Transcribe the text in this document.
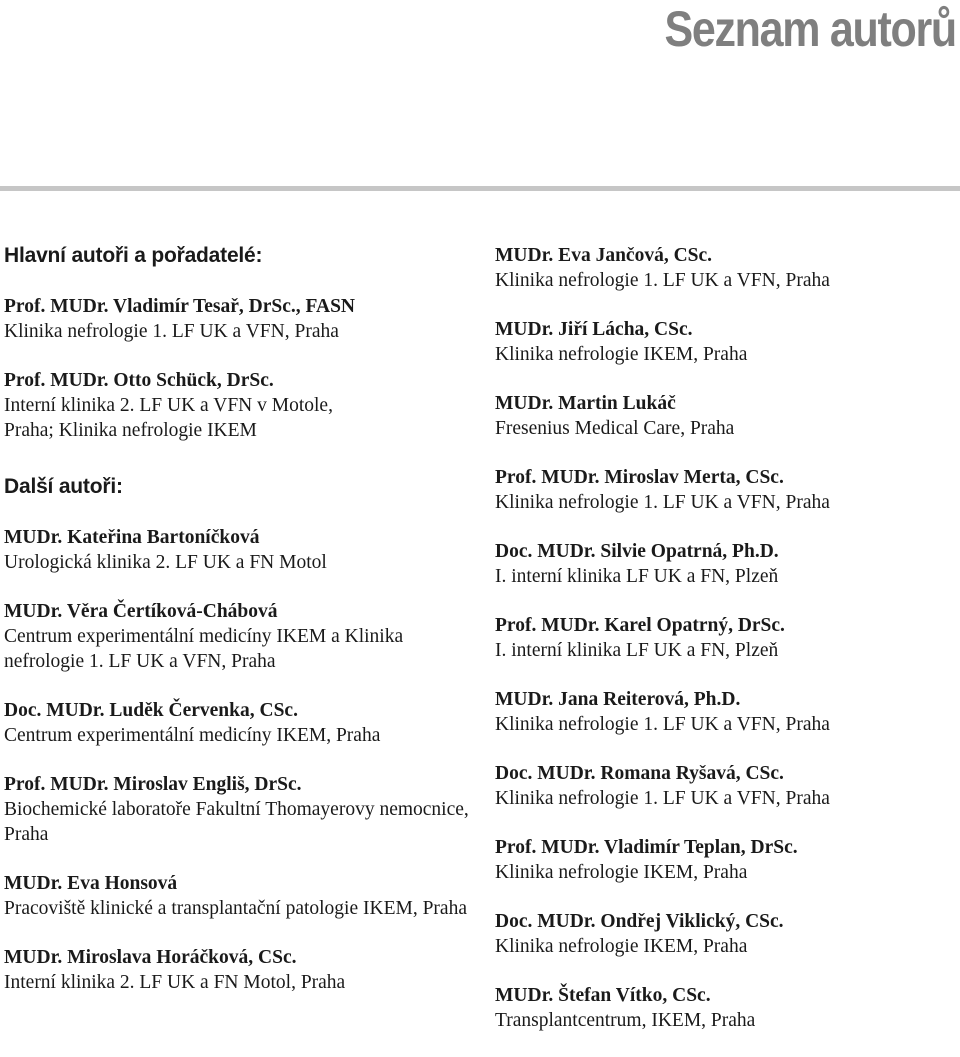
Seznam autorů
Hlavní autoři a pořadatelé:
Prof. MUDr. Vladimír Tesař, DrSc., FASN
Klinika nefrologie 1. LF UK a VFN, Praha
Prof. MUDr. Otto Schück, DrSc.
Interní klinika 2. LF UK a VFN v Motole, Praha; Klinika nefrologie IKEM
Další autoři:
MUDr. Kateřina Bartoníčková
Urologická klinika 2. LF UK a FN Motol
MUDr. Věra Čertíková-Chábová
Centrum experimentální medicíny IKEM a Klinika nefrologie 1. LF UK a VFN, Praha
Doc. MUDr. Luděk Červenka, CSc.
Centrum experimentální medicíny IKEM, Praha
Prof. MUDr. Miroslav Engliš, DrSc.
Biochemické laboratoře Fakultní Thomayerovy nemocnice, Praha
MUDr. Eva Honsová
Pracoviště klinické a transplantační patologie IKEM, Praha
MUDr. Miroslava Horáčková, CSc.
Interní klinika 2. LF UK a FN Motol, Praha
MUDr. Eva Jančová, CSc.
Klinika nefrologie 1. LF UK a VFN, Praha
MUDr. Jiří Lácha, CSc.
Klinika nefrologie IKEM, Praha
MUDr. Martin Lukáč
Fresenius Medical Care, Praha
Prof. MUDr. Miroslav Merta, CSc.
Klinika nefrologie 1. LF UK a VFN, Praha
Doc. MUDr. Silvie Opatrná, Ph.D.
I. interní klinika LF UK a FN, Plzeň
Prof. MUDr. Karel Opatrný, DrSc.
I. interní klinika LF UK a FN, Plzeň
MUDr. Jana Reiterová, Ph.D.
Klinika nefrologie 1. LF UK a VFN, Praha
Doc. MUDr. Romana Ryšavá, CSc.
Klinika nefrologie 1. LF UK a VFN, Praha
Prof. MUDr. Vladimír Teplan, DrSc.
Klinika nefrologie IKEM, Praha
Doc. MUDr. Ondřej Viklický, CSc.
Klinika nefrologie IKEM, Praha
MUDr. Štefan Vítko, CSc.
Transplantcentrum, IKEM, Praha
